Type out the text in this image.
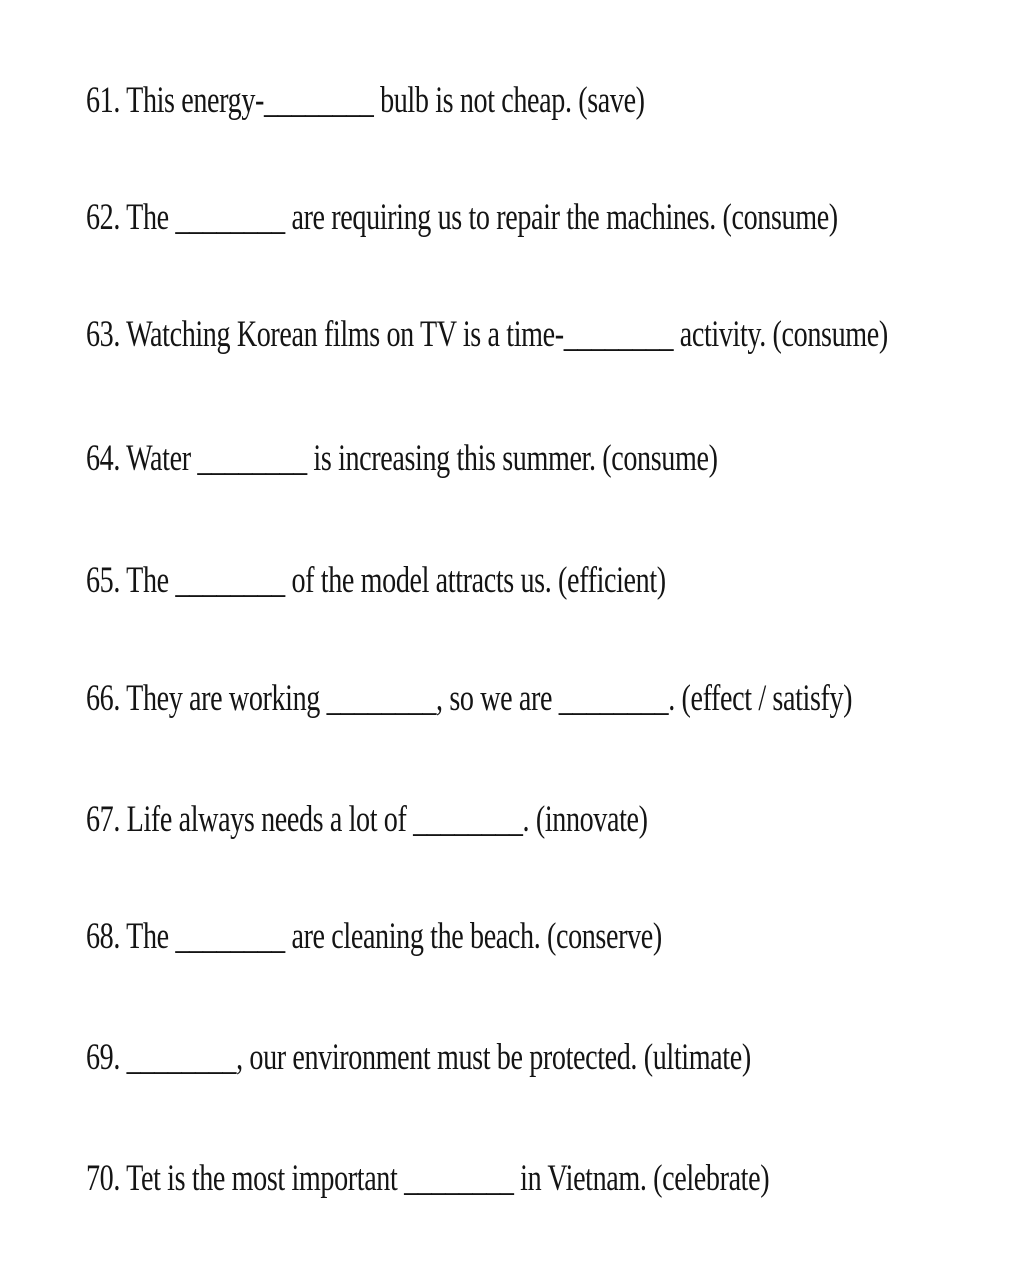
61. This energy-________ bulb is not cheap. (save)

62. The ________ are requiring us to repair the machines. (consume)

63. Watching Korean films on TV is a time-________ activity. (consume)

64. Water ________ is increasing this summer. (consume)

65. The ________ of the model attracts us. (efficient)

66. They are working ________, so we are ________. (effect / satisfy)

67. Life always needs a lot of ________. (innovate)

68. The ________ are cleaning the beach. (conserve)

69. ________, our environment must be protected. (ultimate)

70. Tet is the most important ________ in Vietnam. (celebrate)
